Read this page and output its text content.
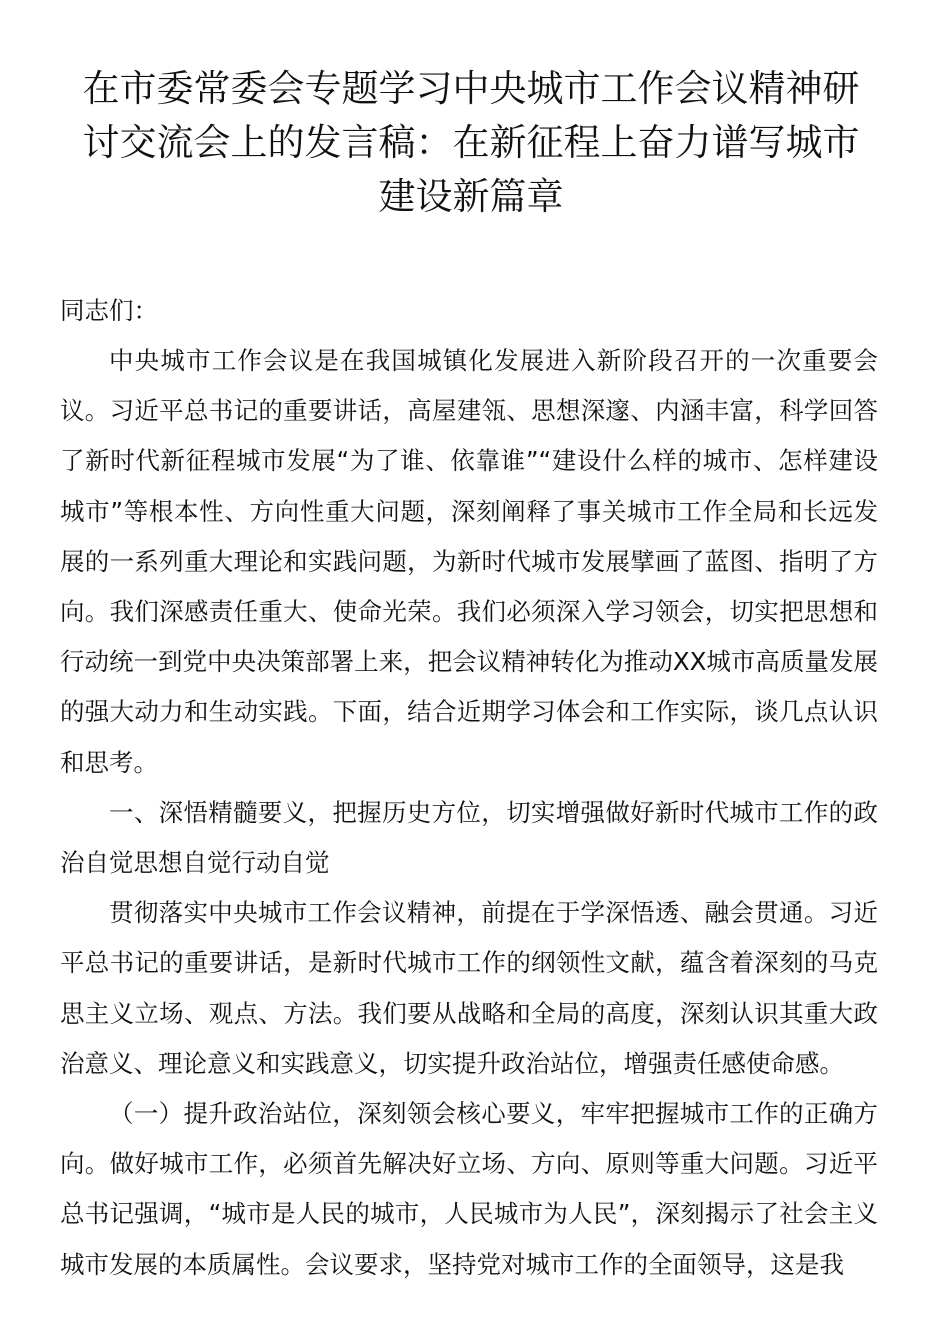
在市委常委会专题学习中央城市工作会议精神研讨交流会上的发言稿：在新征程上奋力谱写城市建设新篇章

同志们：

中央城市工作会议是在我国城镇化发展进入新阶段召开的一次重要会议。习近平总书记的重要讲话，高屋建瓴、思想深邃、内涵丰富，科学回答了新时代新征程城市发展“为了谁、依靠谁”“建设什么样的城市、怎样建设城市”等根本性、方向性重大问题，深刻阐释了事关城市工作全局和长远发展的一系列重大理论和实践问题，为新时代城市发展擘画了蓝图、指明了方向。我们深感责任重大、使命光荣。我们必须深入学习领会，切实把思想和行动统一到党中央决策部署上来，把会议精神转化为推动XX城市高质量发展的强大动力和生动实践。下面，结合近期学习体会和工作实际，谈几点认识和思考。

一、深悟精髓要义，把握历史方位，切实增强做好新时代城市工作的政治自觉思想自觉行动自觉

贯彻落实中央城市工作会议精神，前提在于学深悟透、融会贯通。习近平总书记的重要讲话，是新时代城市工作的纲领性文献，蕴含着深刻的马克思主义立场、观点、方法。我们要从战略和全局的高度，深刻认识其重大政治意义、理论意义和实践意义，切实提升政治站位，增强责任感使命感。

（一）提升政治站位，深刻领会核心要义，牢牢把握城市工作的正确方向。做好城市工作，必须首先解决好立场、方向、原则等重大问题。习近平总书记强调，“城市是人民的城市，人民城市为人民”，深刻揭示了社会主义城市发展的本质属性。会议要求，坚持党对城市工作的全面领导，这是我
